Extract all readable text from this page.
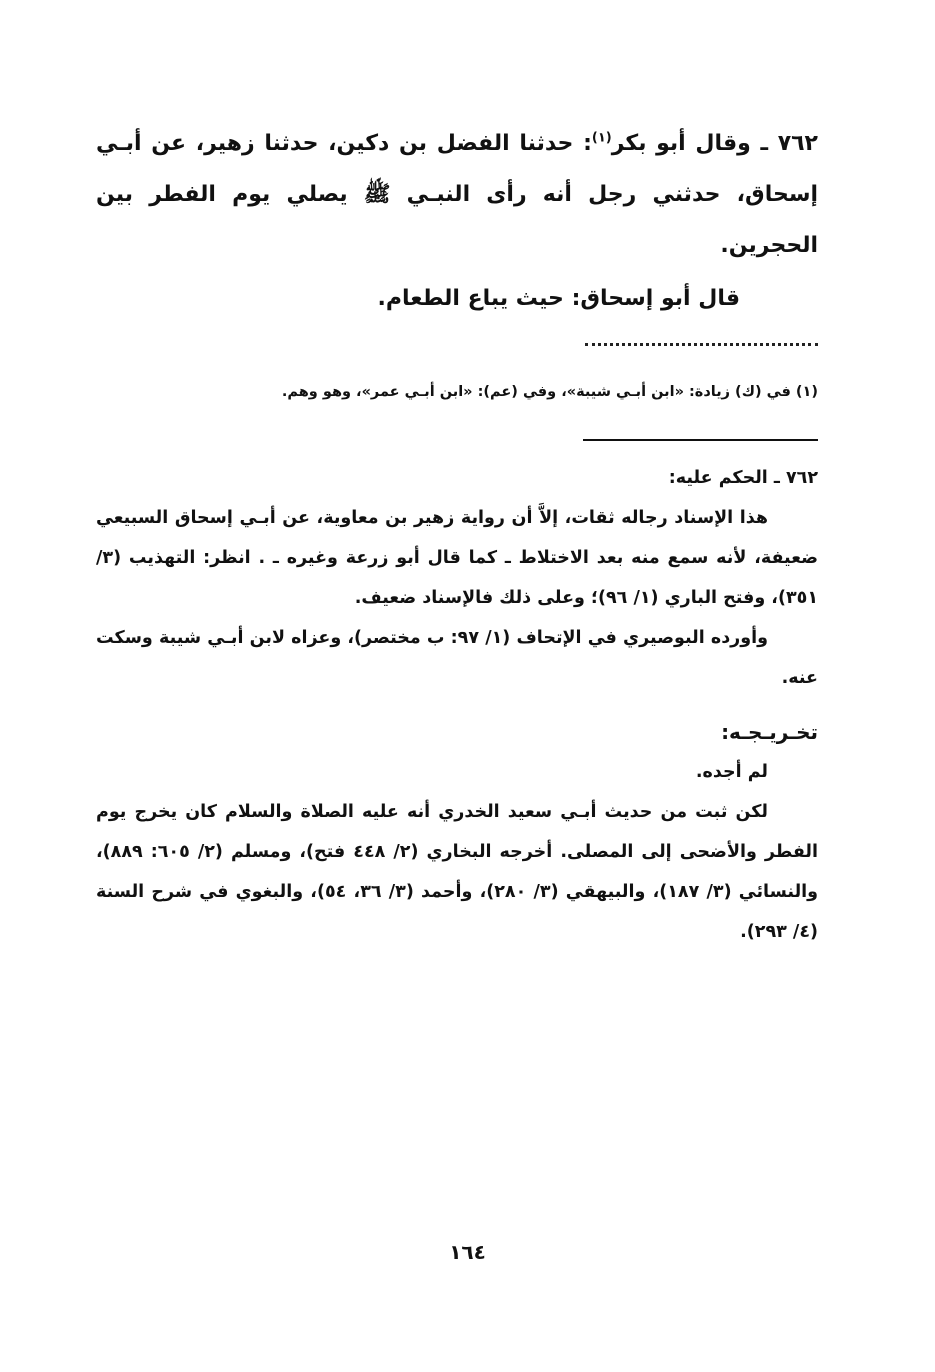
٧٦٢ ـ وقال أبو بكر$^{(١)}$: حدثنا الفضل بن دكين، حدثنا زهير، عن أبـي إسحاق، حدثني رجل أنه رأى النبـي ﷺ يصلي يوم الفطر بين الحجرين.

قال أبو إسحاق: حيث يباع الطعام.

(١) في (ك) زيادة: «ابن أبـي شيبة»، وفي (عم): «ابن أبـي عمر»، وهو وهم.

٧٦٢ ـ الحكم عليه:

هذا الإسناد رجاله ثقات، إلاَّ أن رواية زهير بن معاوية، عن أبـي إسحاق السبيعي ضعيفة، لأنه سمع منه بعد الاختلاط ـ كما قال أبو زرعة وغيره ـ . انظر: التهذيب (٣/ ٣٥١)، وفتح الباري (١/ ٩٦)؛ وعلى ذلك فالإسناد ضعيف.

وأورده البوصيري في الإتحاف (١/ ٩٧: ب مختصر)، وعزاه لابن أبـي شيبة وسكت عنه.

تخـريـجـه:

لم أجده.

لكن ثبت من حديث أبـي سعيد الخدري أنه عليه الصلاة والسلام كان يخرج يوم الفطر والأضحى إلى المصلى. أخرجه البخاري (٢/ ٤٤٨ فتح)، ومسلم (٢/ ٦٠٥: ٨٨٩)، والنسائي (٣/ ١٨٧)، والبيهقي (٣/ ٢٨٠)، وأحمد (٣/ ٣٦، ٥٤)، والبغوي في شرح السنة (٤/ ٢٩٣).

١٦٤
